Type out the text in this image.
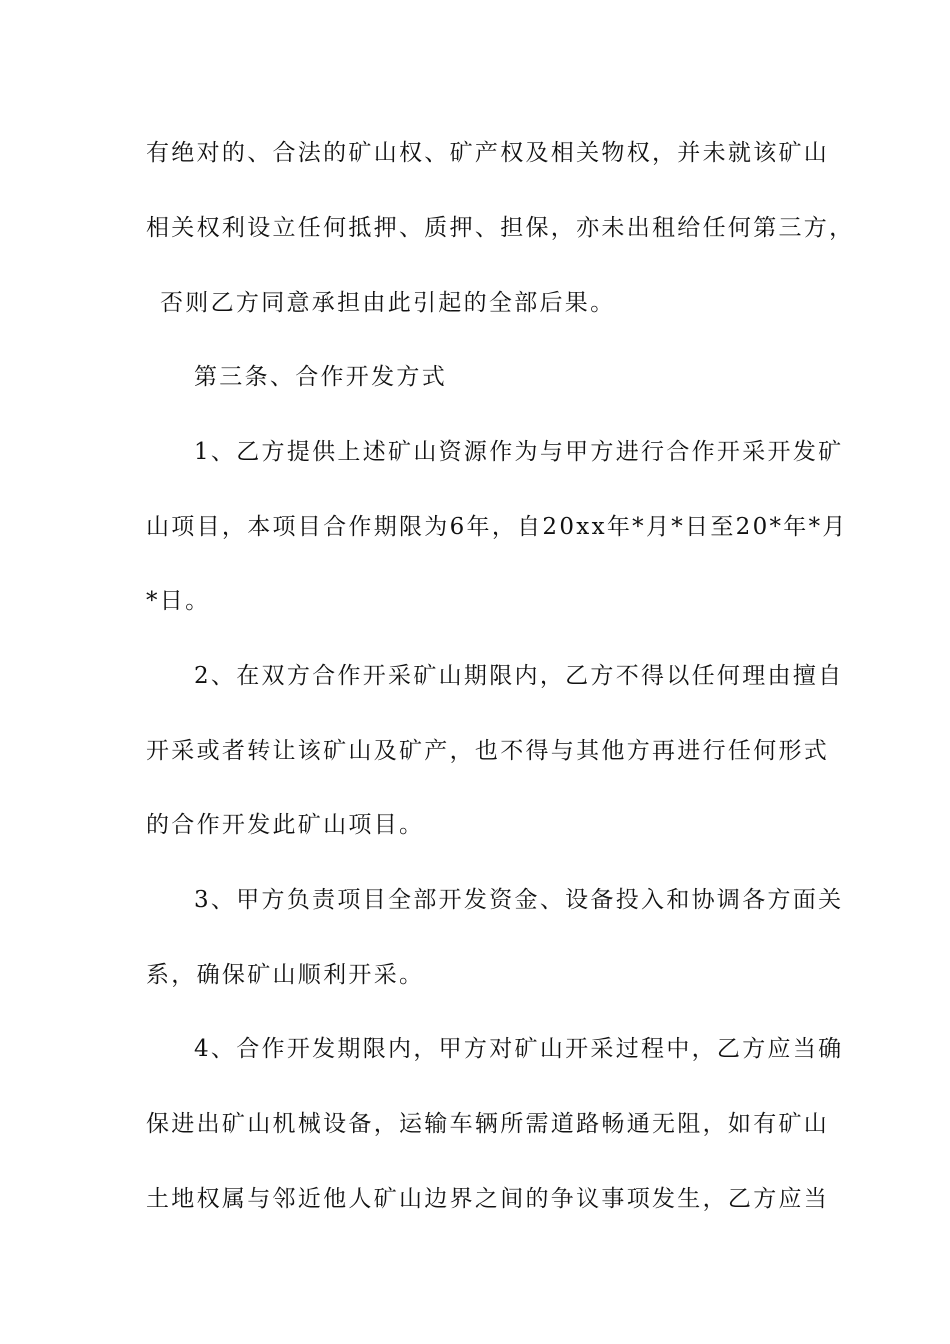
有绝对的、合法的矿山权、矿产权及相关物权，并未就该矿山
相关权利设立任何抵押、质押、担保，亦未出租给任何第三方，
否则乙方同意承担由此引起的全部后果。
第三条、合作开发方式
1、乙方提供上述矿山资源作为与甲方进行合作开采开发矿
山项目，本项目合作期限为6年，自20xx年*月*日至20*年*月
*日。
2、在双方合作开采矿山期限内，乙方不得以任何理由擅自
开采或者转让该矿山及矿产，也不得与其他方再进行任何形式
的合作开发此矿山项目。
3、甲方负责项目全部开发资金、设备投入和协调各方面关
系，确保矿山顺利开采。
4、合作开发期限内，甲方对矿山开采过程中，乙方应当确
保进出矿山机械设备，运输车辆所需道路畅通无阻，如有矿山
土地权属与邻近他人矿山边界之间的争议事项发生，乙方应当
